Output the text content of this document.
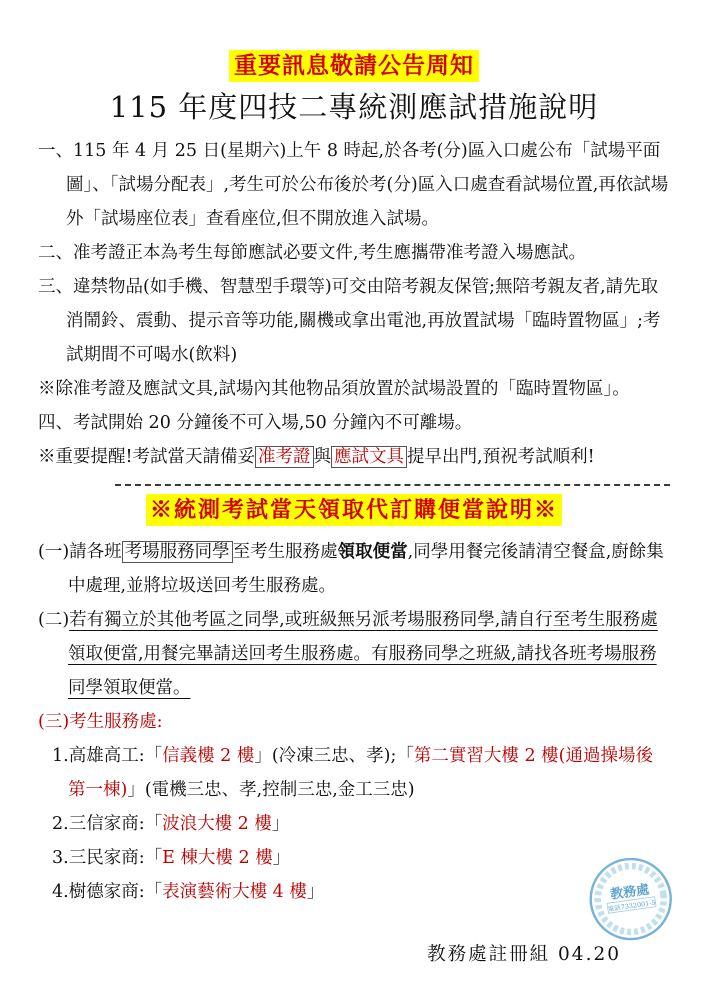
重要訊息敬請公告周知
115 年度四技二專統測應試措施說明

一、115 年 4 月 25 日(星期六)上午 8 時起,於各考(分)區入口處公布「試場平面圖」、「試場分配表」,考生可於公布後於考(分)區入口處查看試場位置,再依試場外「試場座位表」查看座位,但不開放進入試場。

二、准考證正本為考生每節應試必要文件,考生應攜帶准考證入場應試。

三、違禁物品(如手機、智慧型手環等)可交由陪考親友保管;無陪考親友者,請先取消鬧鈴、震動、提示音等功能,關機或拿出電池,再放置試場「臨時置物區」;考試期間不可喝水(飲料)

※除准考證及應試文具,試場內其他物品須放置於試場設置的「臨時置物區」。

四、考試開始 20 分鐘後不可入場,50 分鐘內不可離場。

※重要提醒!考試當天請備妥 准考證 與 應試文具 提早出門,預祝考試順利!

※統測考試當天領取代訂購便當說明※

(一)請各班 考場服務同學 至考生服務處領取便當,同學用餐完後請清空餐盒,廚餘集中處理,並將垃圾送回考生服務處。

(二)若有獨立於其他考區之同學,或班級無另派考場服務同學,請自行至考生服務處領取便當,用餐完畢請送回考生服務處。有服務同學之班級,請找各班考場服務同學領取便當。

(三)考生服務處:

1.高雄高工:「信義樓 2 樓」(冷凍三忠、孝);「第二實習大樓 2 樓(通過操場後第一棟)」(電機三忠、孝,控制三忠,金工三忠)

2.三信家商:「波浪大樓 2 樓」

3.三民家商:「E 棟大樓 2 樓」

4.樹德家商:「表演藝術大樓 4 樓」	教務處
電話7332001-5
教務處註冊組 04.20
